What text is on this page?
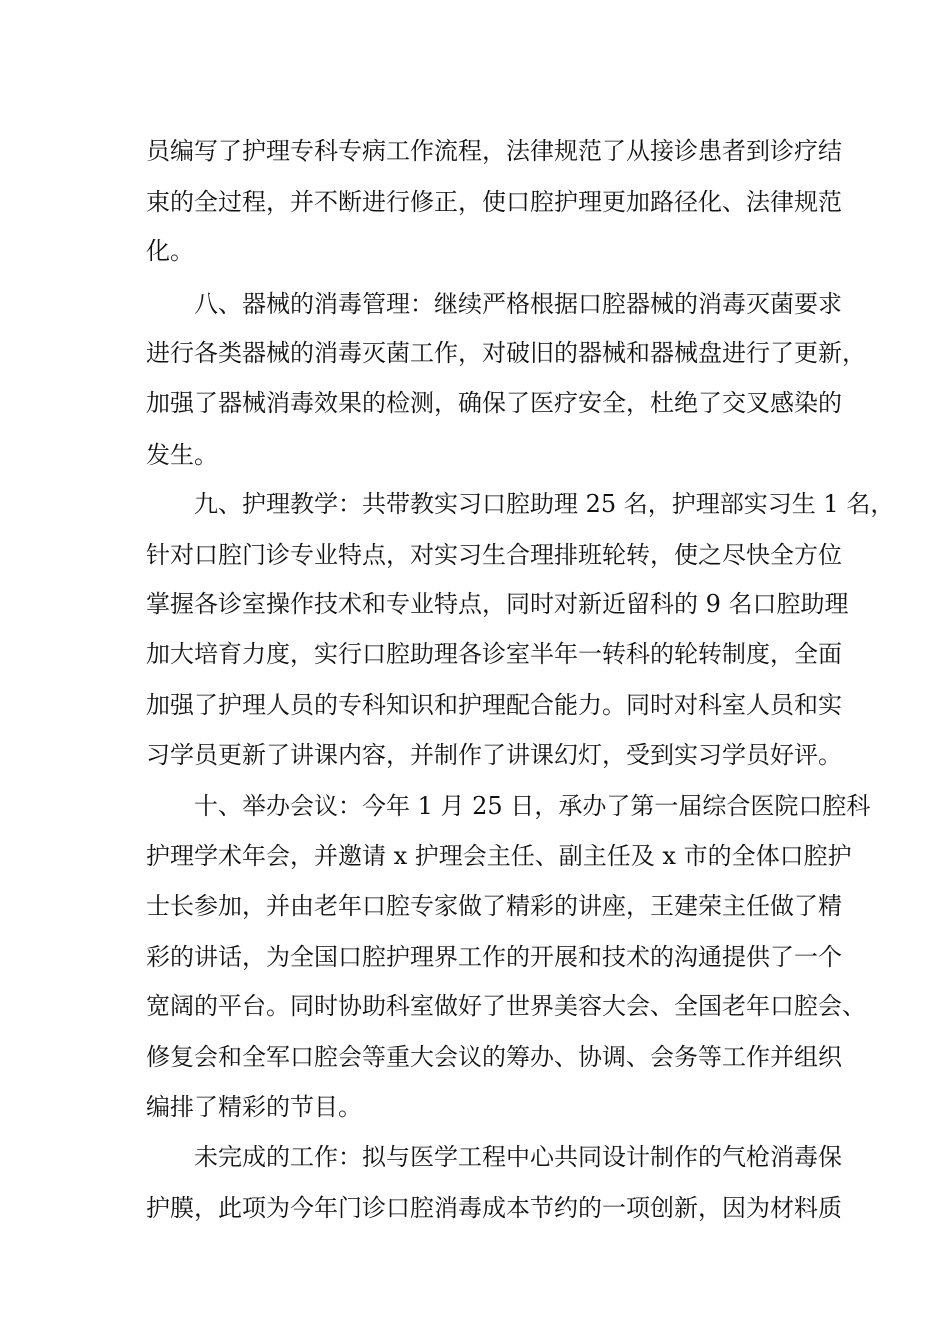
员编写了护理专科专病工作流程，法律规范了从接诊患者到诊疗结
束的全过程，并不断进行修正，使口腔护理更加路径化、法律规范
化。
八、器械的消毒管理：继续严格根据口腔器械的消毒灭菌要求
进行各类器械的消毒灭菌工作，对破旧的器械和器械盘进行了更新，
加强了器械消毒效果的检测，确保了医疗安全，杜绝了交叉感染的
发生。
九、护理教学：共带教实习口腔助理 25 名，护理部实习生 1 名，
针对口腔门诊专业特点，对实习生合理排班轮转，使之尽快全方位
掌握各诊室操作技术和专业特点，同时对新近留科的 9 名口腔助理
加大培育力度，实行口腔助理各诊室半年一转科的轮转制度，全面
加强了护理人员的专科知识和护理配合能力。同时对科室人员和实
习学员更新了讲课内容，并制作了讲课幻灯，受到实习学员好评。
十、举办会议：今年 1 月 25 日，承办了第一届综合医院口腔科
护理学术年会，并邀请 x 护理会主任、副主任及 x 市的全体口腔护
士长参加，并由老年口腔专家做了精彩的讲座，王建荣主任做了精
彩的讲话，为全国口腔护理界工作的开展和技术的沟通提供了一个
宽阔的平台。同时协助科室做好了世界美容大会、全国老年口腔会、
修复会和全军口腔会等重大会议的筹办、协调、会务等工作并组织
编排了精彩的节目。
未完成的工作：拟与医学工程中心共同设计制作的气枪消毒保
护膜，此项为今年门诊口腔消毒成本节约的一项创新，因为材料质
